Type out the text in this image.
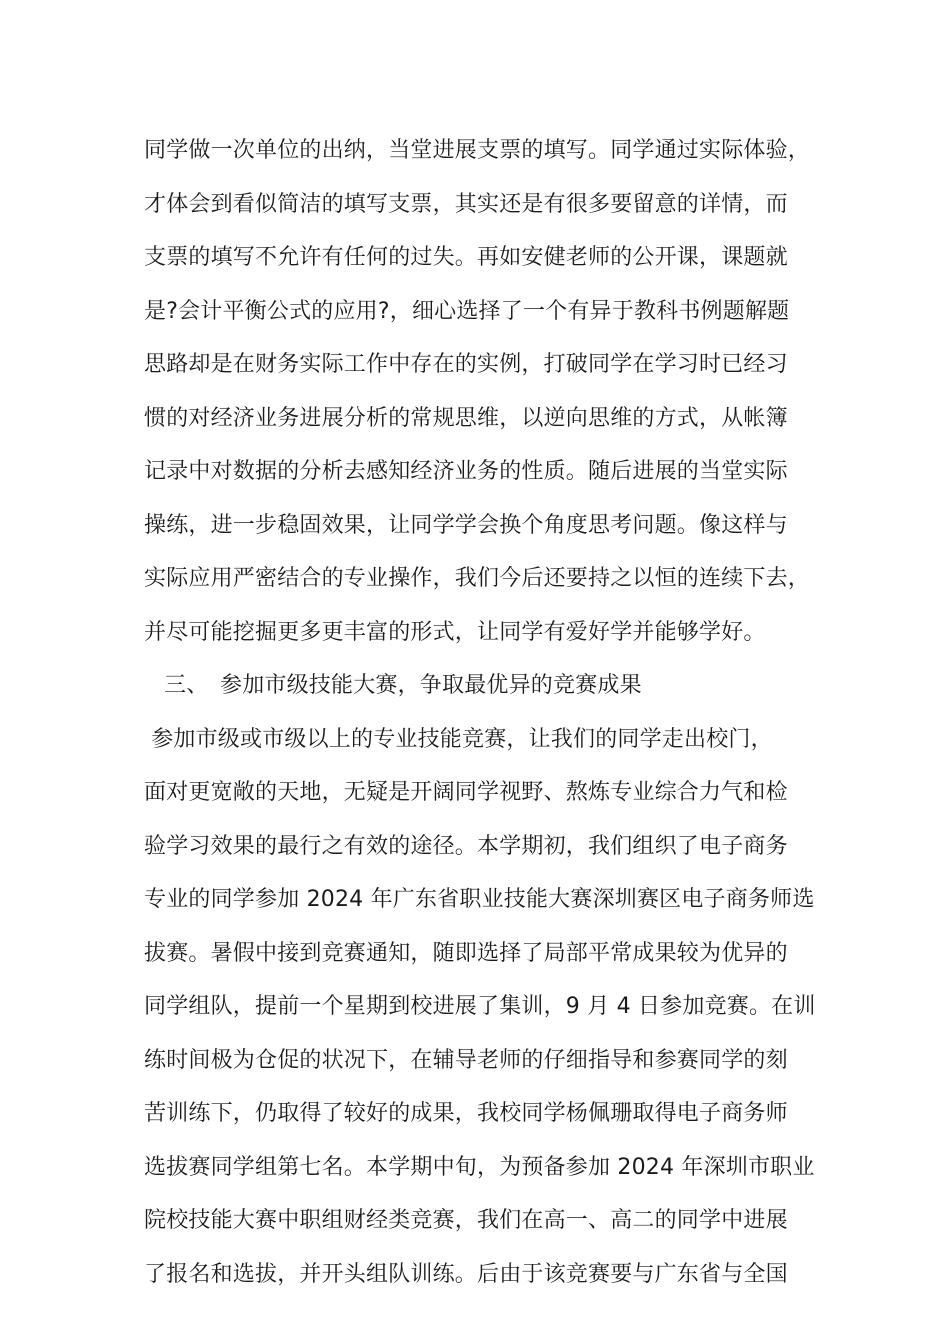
同学做一次单位的出纳，当堂进展支票的填写。同学通过实际体验，
才体会到看似简洁的填写支票，其实还是有很多要留意的详情，而
支票的填写不允许有任何的过失。再如安健老师的公开课，课题就
是?会计平衡公式的应用?，细心选择了一个有异于教科书例题解题
思路却是在财务实际工作中存在的实例，打破同学在学习时已经习
惯的对经济业务进展分析的常规思维，以逆向思维的方式，从帐簿
记录中对数据的分析去感知经济业务的性质。随后进展的当堂实际
操练，进一步稳固效果，让同学学会换个角度思考问题。像这样与
实际应用严密结合的专业操作，我们今后还要持之以恒的连续下去，
并尽可能挖掘更多更丰富的形式，让同学有爱好学并能够学好。
三、 参加市级技能大赛，争取最优异的竞赛成果
参加市级或市级以上的专业技能竞赛，让我们的同学走出校门，
面对更宽敞的天地，无疑是开阔同学视野、熬炼专业综合力气和检
验学习效果的最行之有效的途径。本学期初，我们组织了电子商务
专业的同学参加 2024 年广东省职业技能大赛深圳赛区电子商务师选
拔赛。暑假中接到竞赛通知，随即选择了局部平常成果较为优异的
同学组队，提前一个星期到校进展了集训，9 月 4 日参加竞赛。在训
练时间极为仓促的状况下，在辅导老师的仔细指导和参赛同学的刻
苦训练下，仍取得了较好的成果，我校同学杨佩珊取得电子商务师
选拔赛同学组第七名。本学期中旬，为预备参加 2024 年深圳市职业
院校技能大赛中职组财经类竞赛，我们在高一、高二的同学中进展
了报名和选拔，并开头组队训练。后由于该竞赛要与广东省与全国
